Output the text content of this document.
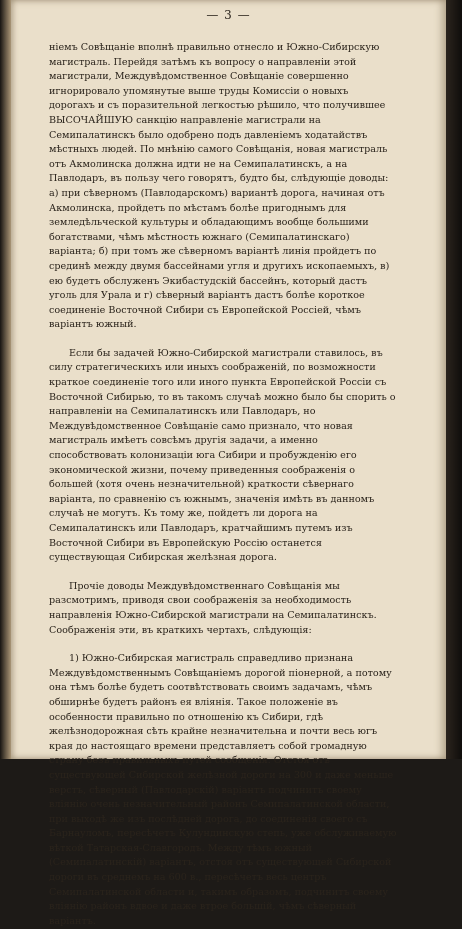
— 3 —

ніемъ Совѣщаніе вполнѣ правильно отнесло и Южно-Сибирскую магистраль. Перейдя затѣмъ къ вопросу о направленіи этой магистрали, Междувѣдомственное Совѣщаніе совершенно игнорировало упомянутые выше труды Комиссіи о новыхъ дорогахъ и съ поразительной легкостью рѣшило, что получившее ВЫСОЧАЙШУЮ санкцію направленіе магистрали на Семипалатинскъ было одобрено подъ давленіемъ ходатайствъ мѣстныхъ людей. По мнѣнію самого Совѣщанія, новая магистраль отъ Акмолинска должна идти не на Семипалатинскъ, а на Павлодаръ, въ пользу чего говорятъ, будто бы, слѣдующіе доводы: а) при сѣверномъ (Павлодарскомъ) вариантѣ дорога, начиная отъ Акмолинска, пройдетъ по мѣстамъ болѣе пригоднымъ для земледѣльческой культуры и обладающимъ вообще большими богатствами, чѣмъ мѣстность южнаго (Семипалатинскаго) варіанта; б) при томъ же сѣверномъ варіантѣ линія пройдетъ по срединѣ между двумя бассейнами угля и другихъ ископаемыхъ, в) ею будетъ обслуженъ Экибастудскій бассейнъ, который дастъ уголь для Урала и г) сѣверный варіантъ дастъ болѣе короткое соединеніе Восточной Сибири съ Европейской Россіей, чѣмъ варіантъ южный.

Если бы задачей Южно-Сибирской магистрали ставилось, въ силу стратегическихъ или иныхъ соображеній, по возможности краткое соединеніе того или иного пункта Европейской Россіи съ Восточной Сибирью, то въ такомъ случаѣ можно было бы спорить о направленіи на Семипалатинскъ или Павлодаръ, но Междувѣдомственное Совѣщаніе само признало, что новая магистраль имѣетъ совсѣмъ другія задачи, а именно способствовать колонизаціи юга Сибири и пробужденію его экономической жизни, почему приведенныя соображенія о большей (хотя очень незначительной) краткости сѣвернаго варіанта, по сравненію съ южнымъ, значенія имѣть въ данномъ случаѣ не могутъ. Къ тому же, пойдетъ ли дорога на Семипалатинскъ или Павлодаръ, кратчайшимъ путемъ изъ Восточной Сибири въ Европейскую Россію останется существующая Сибирская желѣзная дорога.

Прочіе доводы Междувѣдомственнаго Совѣщанія мы разсмотримъ, приводя свои соображенія за необходимость направленія Южно-Сибирской магистрали на Семипалатинскъ. Соображенія эти, въ краткихъ чертахъ, слѣдующія:

1) Южно-Сибирская магистраль справедливо признана Междувѣдомственнымъ Совѣщаніемъ дорогой піонерной, а потому она тѣмъ болѣе будетъ соотвѣтствовать своимъ задачамъ, чѣмъ обширнѣе будетъ районъ ея вліянія. Такое положеніе въ особенности правильно по отношенію къ Сибири, гдѣ желѣзнодорожная сѣть крайне незначительна и почти весь югъ края до настоящаго времени представляетъ собой громадную страну безъ правильныхъ путей сообщенія. Отстоя отъ существующей Сибирской желѣзной дороги на 300 и даже меньше верстъ, сѣверный (Павлодарскій) варіантъ подчинитъ своему вліянію очень незначительный районъ Семипалатинской области, при выходѣ же изъ послѣдней дорога, до соединенія своего съ Барнауломъ, пересѣчетъ Кулундинскую степь, уже обслуживаемую вѣткой Татарская-Славгородъ. Между тѣмъ южный (Семипалатинскій) варіантъ, отстоя отъ существующей Сибирской дороги въ среднемъ на 600 в., пересѣчетъ весь центръ Семипалатинской области и, такимъ образомъ, подчинитъ своему вліянію районъ вдвое и даже втрое большій, чѣмъ сѣверный варіантъ.
